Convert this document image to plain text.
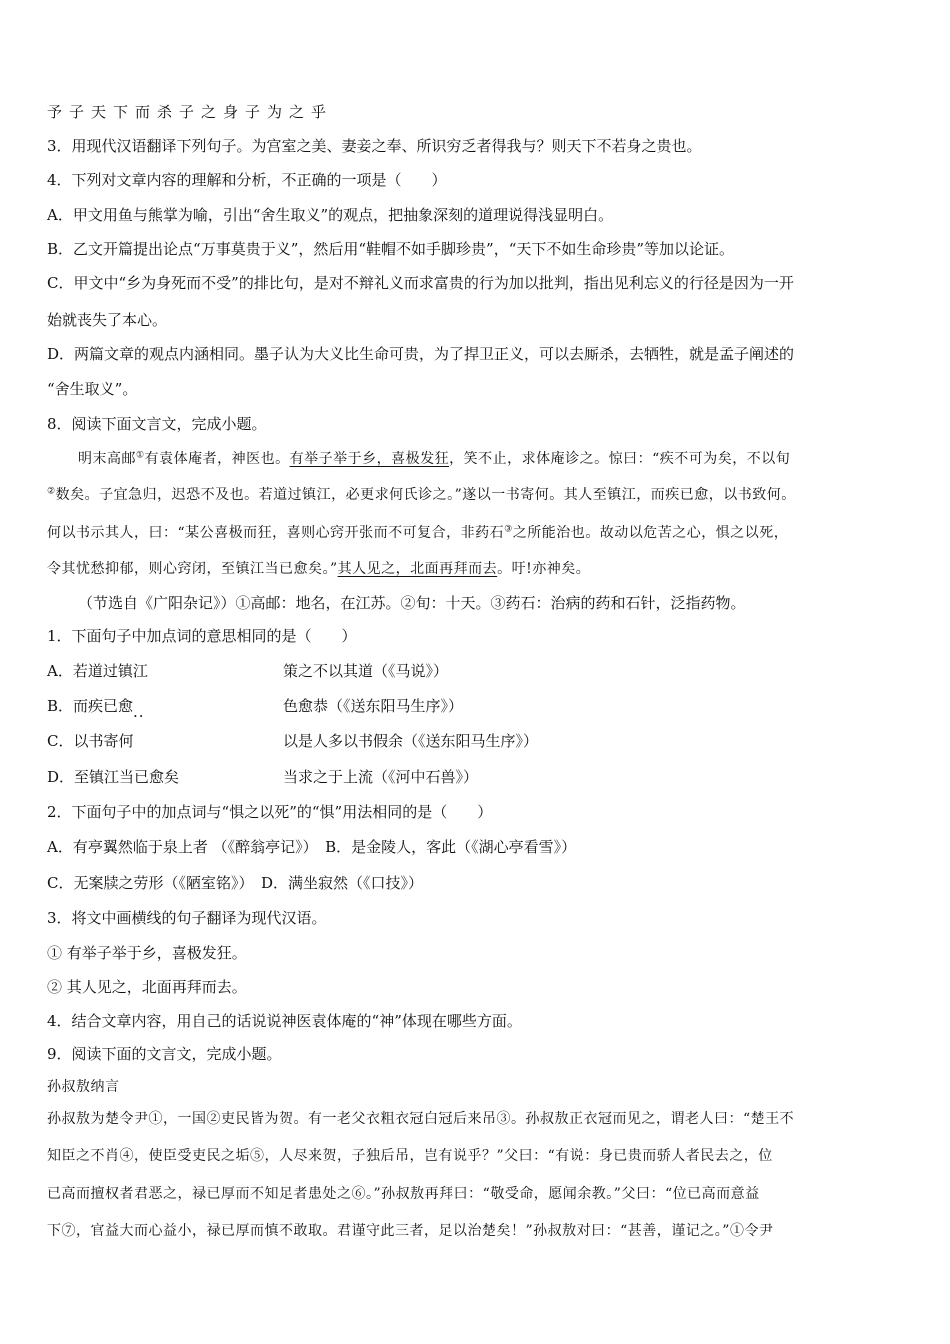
予 子 天 下 而 杀 子 之 身 子 为 之 乎
3．用现代汉语翻译下列句子。为宫室之美、妻妾之奉、所识穷乏者得我与？则天下不若身之贵也。
4．下列对文章内容的理解和分析，不正确的一项是（　　）
A．甲文用鱼与熊掌为喻，引出“舍生取义”的观点，把抽象深刻的道理说得浅显明白。
B．乙文开篇提出论点“万事莫贵于义”，然后用“鞋帽不如手脚珍贵”，“天下不如生命珍贵”等加以论证。
C．甲文中“乡为身死而不受”的排比句，是对不辩礼义而求富贵的行为加以批判，指出见利忘义的行径是因为一开
始就丧失了本心。
D．两篇文章的观点内涵相同。墨子认为大义比生命可贵，为了捍卫正义，可以去厮杀，去牺牲，就是孟子阐述的
“舍生取义”。
8．阅读下面文言文，完成小题。
明末高邮①有袁体庵者，神医也。有举子举于乡，喜极发狂，笑不止，求体庵诊之。惊曰：“疾不可为矣，不以旬
②数矣。子宜急归，迟恐不及也。若道过镇江，必更求何氏诊之。”遂以一书寄何。其人至镇江，而疾已愈，以书致何。
何以书示其人，曰：“某公喜极而狂，喜则心窍开张而不可复合，非药石③之所能治也。故动以危苦之心，惧之以死，
令其忧愁抑郁，则心窍闭，至镇江当已愈矣。”其人见之，北面再拜而去。吁!亦神矣。
（节选自《广阳杂记》）①高邮：地名，在江苏。②旬：十天。③药石：治病的药和石针，泛指药物。
1．下面句子中加点词的意思相同的是（　　）
A．若道过镇江	策之不以其道（《马说》）
B．而疾已愈..	色愈恭（《送东阳马生序》）
C．以书寄何	以是人多以书假余（《送东阳马生序》）
D．至镇江当已愈矣	当求之于上流（《河中石兽》）
2．下面句子中的加点词与“惧之以死”的“惧”用法相同的是（　　）
A．有亭翼然临于泉上者 （《醉翁亭记》）　B．是金陵人，客此（《湖心亭看雪》）
C．无案牍之劳形（《陋室铭》）　D．满坐寂然（《口技》）
3．将文中画横线的句子翻译为现代汉语。
① 有举子举于乡，喜极发狂。
② 其人见之，北面再拜而去。
4．结合文章内容，用自己的话说说神医袁体庵的“神”体现在哪些方面。
9．阅读下面的文言文，完成小题。
孙叔敖纳言
孙叔敖为楚令尹①，一国②吏民皆为贺。有一老父衣粗衣冠白冠后来吊③。孙叔敖正衣冠而见之，谓老人曰：“楚王不
知臣之不肖④，使臣受吏民之垢⑤，人尽来贺，子独后吊，岂有说乎？”父曰：“有说：身已贵而骄人者民去之，位
已高而擅权者君恶之，禄已厚而不知足者患处之⑥。”孙叔敖再拜曰：“敬受命，愿闻余教。”父曰：“位已高而意益
下⑦，官益大而心益小，禄已厚而慎不敢取。君谨守此三者，足以治楚矣！”孙叔敖对曰：“甚善，谨记之。”①令尹
